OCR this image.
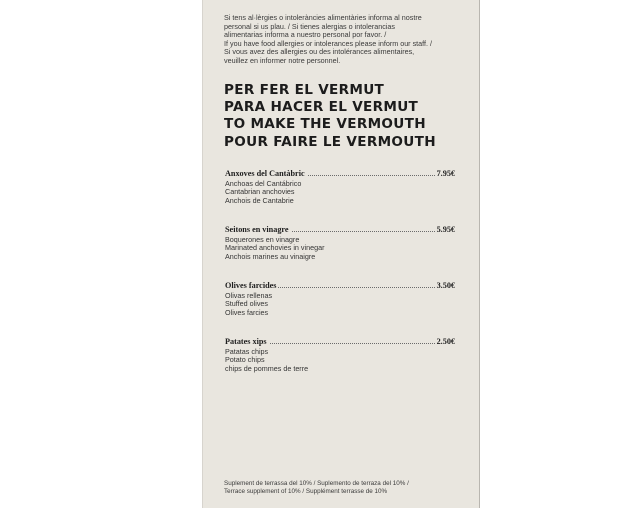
Si tens al·lèrgies o intoleràncies alimentàries informa al nostre
personal si us plau. / Si tienes alergias o intolerancias
alimentarias informa a nuestro personal por favor. /
If you have food allergies or intolerances please inform our staff. /
Si vous avez des allergies ou des intolérances alimentaires,
veuillez en informer notre personnel.
PER FER EL VERMUT
PARA HACER EL VERMUT
TO MAKE THE VERMOUTH
POUR FAIRE LE VERMOUTH
Anxoves del Cantàbric	7.95€
Anchoas del Cantábrico
Cantabrian anchovies
Anchois de Cantabrie
Seitons en vinagre	5.95€
Boquerones en vinagre
Marinated anchovies in vinegar
Anchois marines au vinaigre
Olives farcides	3.50€
Olivas rellenas
Stuffed olives
Olives farcies
Patates xips	2.50€
Patatas chips
Potato chips
chips de pommes de terre
Suplement de terrassa del 10% / Suplemento de terraza del 10% /
Terrace supplement of 10% / Supplément terrasse de 10%
